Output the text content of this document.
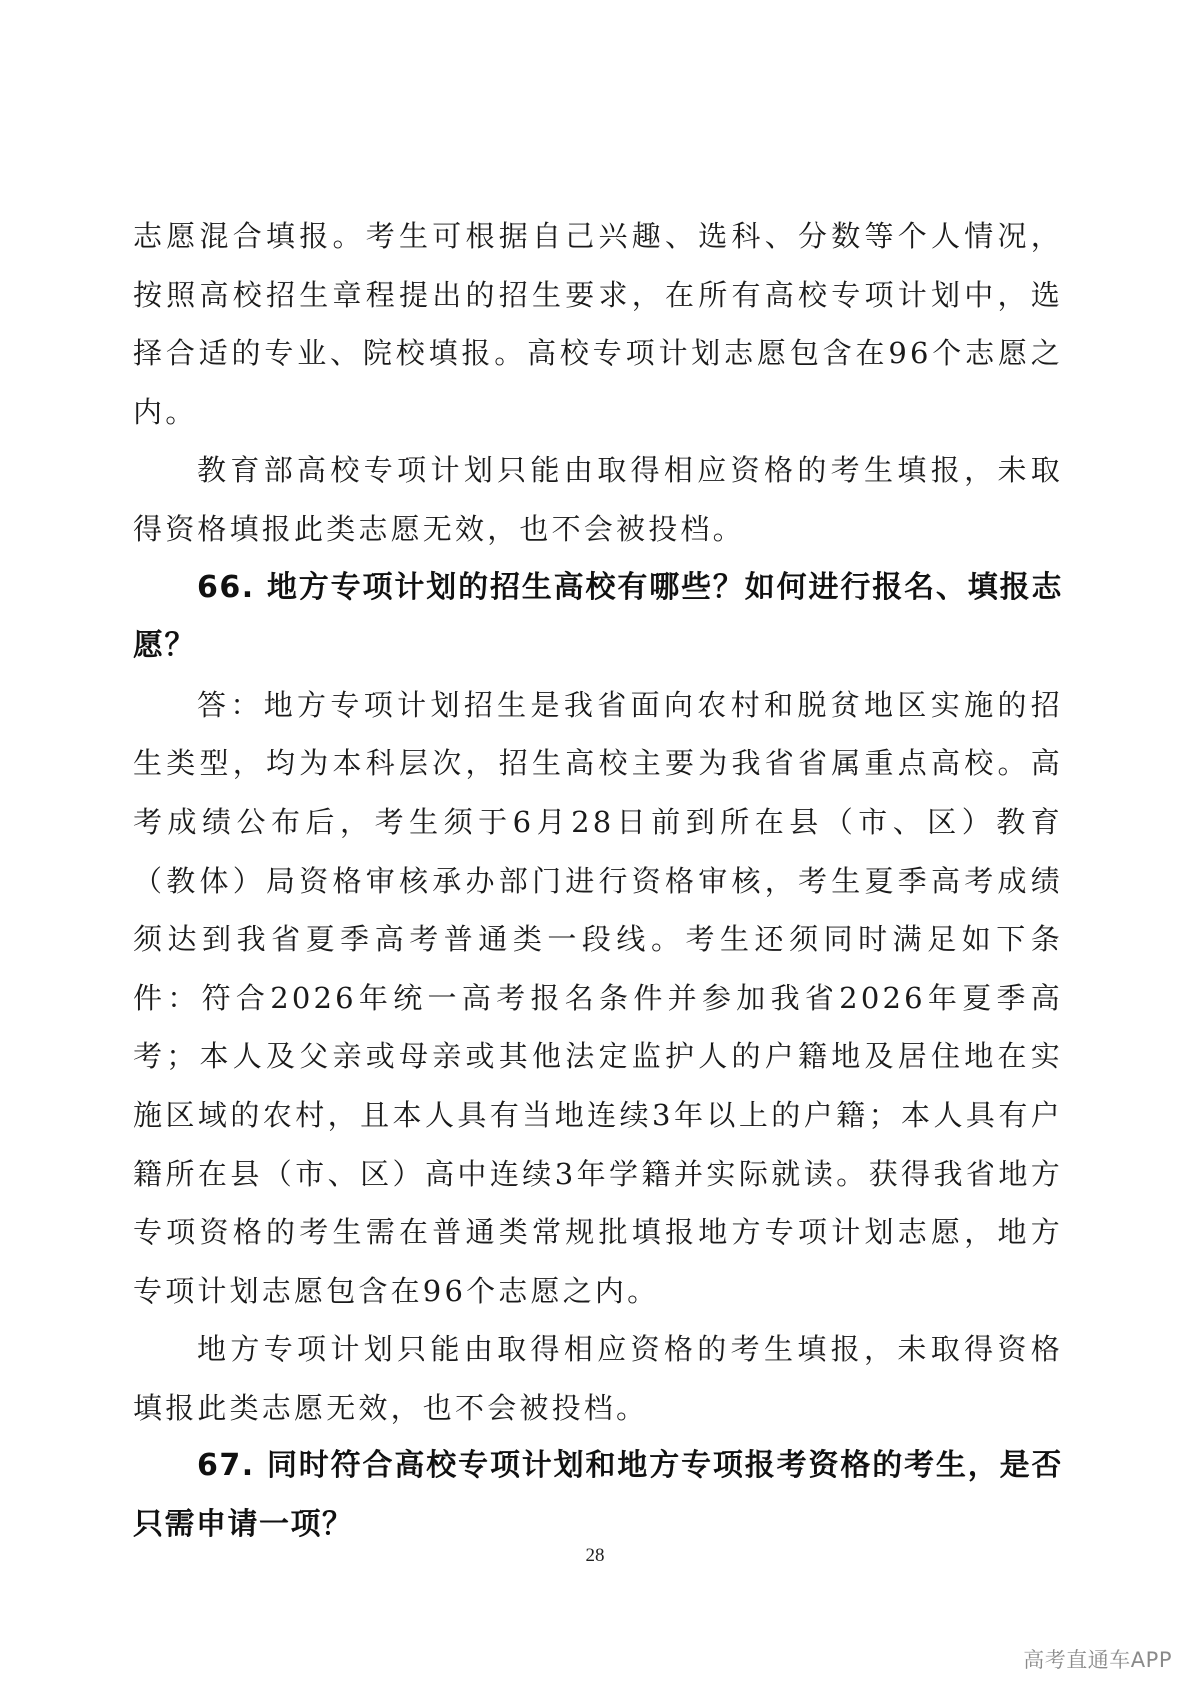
志愿混合填报。考生可根据自己兴趣、选科、分数等个人情况，按照高校招生章程提出的招生要求，在所有高校专项计划中，选择合适的专业、院校填报。高校专项计划志愿包含在96个志愿之内。

教育部高校专项计划只能由取得相应资格的考生填报，未取得资格填报此类志愿无效，也不会被投档。

66. 地方专项计划的招生高校有哪些？如何进行报名、填报志愿？

答：地方专项计划招生是我省面向农村和脱贫地区实施的招生类型，均为本科层次，招生高校主要为我省省属重点高校。高考成绩公布后，考生须于6月28日前到所在县（市、区）教育（教体）局资格审核承办部门进行资格审核，考生夏季高考成绩须达到我省夏季高考普通类一段线。考生还须同时满足如下条件：符合2026年统一高考报名条件并参加我省2026年夏季高考；本人及父亲或母亲或其他法定监护人的户籍地及居住地在实施区域的农村，且本人具有当地连续3年以上的户籍；本人具有户籍所在县（市、区）高中连续3年学籍并实际就读。获得我省地方专项资格的考生需在普通类常规批填报地方专项计划志愿，地方专项计划志愿包含在96个志愿之内。

地方专项计划只能由取得相应资格的考生填报，未取得资格填报此类志愿无效，也不会被投档。

67. 同时符合高校专项计划和地方专项报考资格的考生，是否只需申请一项？

28
高考直通车APP
